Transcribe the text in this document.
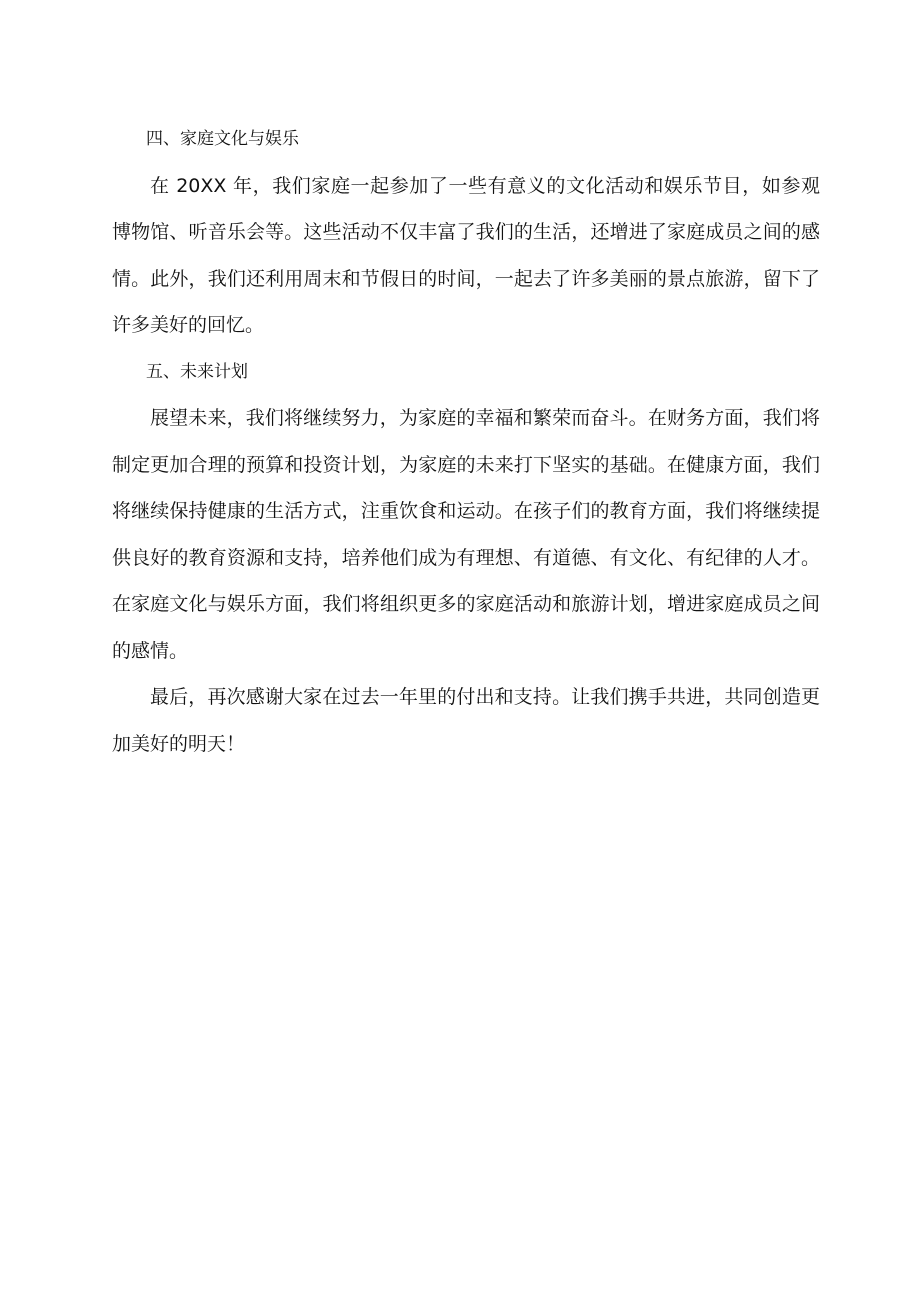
四、家庭文化与娱乐

在 20XX 年，我们家庭一起参加了一些有意义的文化活动和娱乐节目，如参观博物馆、听音乐会等。这些活动不仅丰富了我们的生活，还增进了家庭成员之间的感情。此外，我们还利用周末和节假日的时间，一起去了许多美丽的景点旅游，留下了许多美好的回忆。

五、未来计划

展望未来，我们将继续努力，为家庭的幸福和繁荣而奋斗。在财务方面，我们将制定更加合理的预算和投资计划，为家庭的未来打下坚实的基础。在健康方面，我们将继续保持健康的生活方式，注重饮食和运动。在孩子们的教育方面，我们将继续提供良好的教育资源和支持，培养他们成为有理想、有道德、有文化、有纪律的人才。在家庭文化与娱乐方面，我们将组织更多的家庭活动和旅游计划，增进家庭成员之间的感情。

最后，再次感谢大家在过去一年里的付出和支持。让我们携手共进，共同创造更加美好的明天！
